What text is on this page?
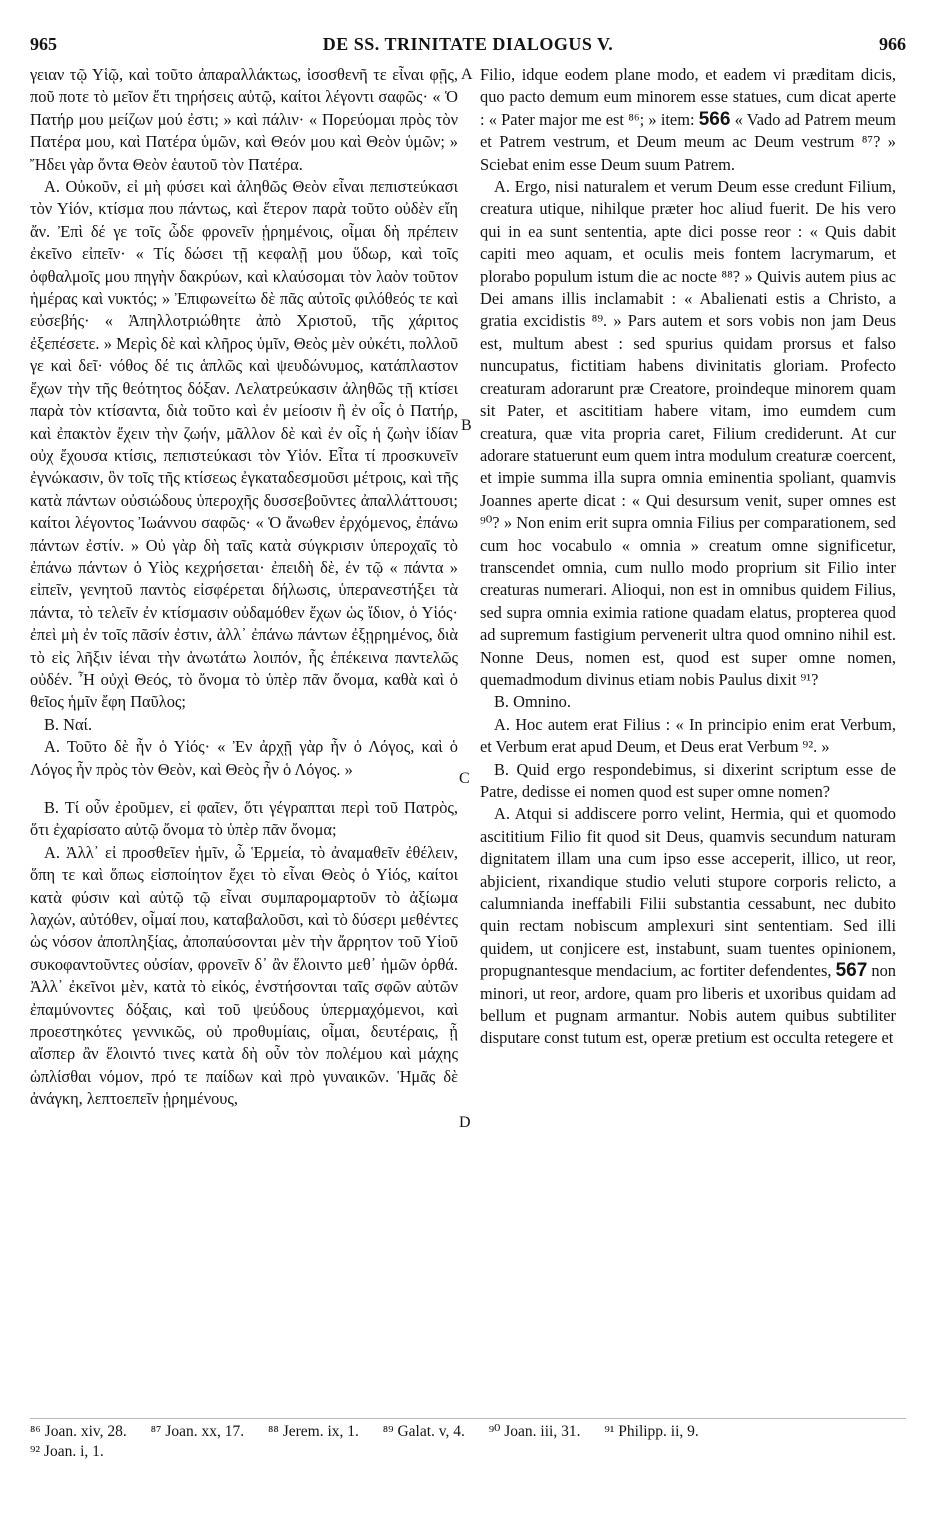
965	DE SS. TRINITATE DIALOGUS V.	966

γειαν τῷ Υἱῷ, καὶ τοῦτο ἀπαραλλάκτως, ἰσοσθενῆ τε εἶναι φῇς, ποῦ ποτε τὸ μεῖον ἔτι τηρήσεις αὐτῷ, καίτοι λέγοντι σαφῶς· « Ὁ Πατήρ μου μείζων μού ἐστι; » καὶ πάλιν· « Πορεύομαι πρὸς τὸν Πατέρα μου, καὶ Πατέρα ὑμῶν, καὶ Θεόν μου καὶ Θεὸν ὑμῶν; » Ἤδει γὰρ ὄντα Θεὸν ἑαυτοῦ τὸν Πατέρα.

Α. Οὐκοῦν, εἰ μὴ φύσει καὶ ἀληθῶς Θεὸν εἶναι πεπιστεύκασι τὸν Υἱόν, κτίσμα που πάντως, καὶ ἕτερον παρὰ τοῦτο οὐδὲν εἴη ἄν. Ἐπὶ δέ γε τοῖς ὧδε φρονεῖν ᾑρημένοις, οἶμαι δὴ πρέπειν ἐκεῖνο εἰπεῖν· « Τίς δώσει τῇ κεφαλῇ μου ὕδωρ, καὶ τοῖς ὀφθαλμοῖς μου πηγὴν δακρύων, καὶ κλαύσομαι τὸν λαὸν τοῦτον ἡμέρας καὶ νυκτός; » Ἐπιφωνείτω δὲ πᾶς αὐτοῖς φιλόθεός τε καὶ εὐσεβής· « Ἀπηλλοτριώθητε ἀπὸ Χριστοῦ, τῆς χάριτος ἐξεπέσετε. » Μερὶς δὲ καὶ κλῆρος ὑμῖν, Θεὸς μὲν οὐκέτι, πολλοῦ γε καὶ δεῖ· νόθος δέ τις ἁπλῶς καὶ ψευδώνυμος, κατάπλαστον ἔχων τὴν τῆς θεότητος δόξαν. Λελατρεύκασιν ἀληθῶς τῇ κτίσει παρὰ τὸν κτίσαντα, διὰ τοῦτο καὶ ἐν μείοσιν ἢ ἐν οἷς ὁ Πατήρ, καὶ ἐπακτὸν ἔχειν τὴν ζωήν, μᾶλλον δὲ καὶ ἐν οἷς ἡ ζωὴν ἰδίαν οὐχ ἔχουσα κτίσις, πεπιστεύκασι τὸν Υἱόν. Εἶτα τί προσκυνεῖν ἐγνώκασιν, ὃν τοῖς τῆς κτίσεως ἐγκαταδεσμοῦσι μέτροις, καὶ τῆς κατὰ πάντων οὐσιώδους ὑπεροχῆς δυσσεβοῦντες ἀπαλλάττουσι; καίτοι λέγοντος Ἰωάννου σαφῶς· « Ὁ ἄνωθεν ἐρχόμενος, ἐπάνω πάντων ἐστίν. » Οὐ γὰρ δὴ ταῖς κατὰ σύγκρισιν ὑπεροχαῖς τὸ ἐπάνω πάντων ὁ Υἱὸς κεχρήσεται· ἐπειδὴ δὲ, ἐν τῷ « πάντα » εἰπεῖν, γενητοῦ παντὸς εἰσφέρεται δήλωσις, ὑπερανεστήξει τὰ πάντα, τὸ τελεῖν ἐν κτίσμασιν οὐδαμόθεν ἔχων ὡς ἴδιον, ὁ Υἱός· ἐπεὶ μὴ ἐν τοῖς πᾶσίν ἐστιν, ἀλλ᾽ ἐπάνω πάντων ἐξῃρημένος, διὰ τὸ εἰς λῆξιν ἰέναι τὴν ἀνωτάτω λοιπόν, ἧς ἐπέκεινα παντελῶς οὐδέν. Ἦ οὐχὶ Θεός, τὸ ὄνομα τὸ ὑπὲρ πᾶν ὄνομα, καθὰ καὶ ὁ θεῖος ἡμῖν ἔφη Παῦλος;

Β. Ναί.

Α. Τοῦτο δὲ ἦν ὁ Υἱός· « Ἐν ἀρχῇ γὰρ ἦν ὁ Λόγος, καὶ ὁ Λόγος ἦν πρὸς τὸν Θεὸν, καὶ Θεὸς ἦν ὁ Λόγος. »

Β. Τί οὖν ἐροῦμεν, εἰ φαῖεν, ὅτι γέγραπται περὶ τοῦ Πατρὸς, ὅτι ἐχαρίσατο αὐτῷ ὄνομα τὸ ὑπὲρ πᾶν ὄνομα;

Α. Ἀλλ᾽ εἰ προσθεῖεν ἡμῖν, ὦ Ἑρμεία, τὸ ἀναμαθεῖν ἐθέλειν, ὅπη τε καὶ ὅπως εἰσποίητον ἔχει τὸ εἶναι Θεὸς ὁ Υἱός, καίτοι κατὰ φύσιν καὶ αὐτῷ τῷ εἶναι συμπαρομαρτοῦν τὸ ἀξίωμα λαχών, αὐτόθεν, οἶμαί που, καταβαλοῦσι, καὶ τὸ δύσερι μεθέντες ὡς νόσον ἀποπληξίας, ἀποπαύσονται μὲν τὴν ἄρρητον τοῦ Υἱοῦ συκοφαντοῦντες οὐσίαν, φρονεῖν δ᾽ ἂν ἕλοιντο μεθ᾽ ἡμῶν ὀρθά. Ἀλλ᾽ ἐκεῖνοι μὲν, κατὰ τὸ εἰκός, ἐνστήσονται ταῖς σφῶν αὐτῶν ἐπαμύνοντες δόξαις, καὶ τοῦ ψεύδους ὑπερμαχόμενοι, καὶ προεστηκότες γεννικῶς, οὐ προθυμίαις, οἶμαι, δευτέραις, ᾗ αἴσπερ ἂν ἕλοιντό τινες κατὰ δὴ οὖν τὸν πολέμου καὶ μάχης ὡπλίσθαι νόμον, πρό τε παίδων καὶ πρὸ γυναικῶν. Ἡμᾶς δὲ ἀνάγκη, λεπτοεπεῖν ᾑρημένους,

A
B
C
D

Filio, idque eodem plane modo, et eadem vi præditam dicis, quo pacto demum eum minorem esse statues, cum dicat aperte : « Pater major me est ⁸⁶; » item: 566 « Vado ad Patrem meum et Patrem vestrum, et Deum meum ac Deum vestrum ⁸⁷? » Sciebat enim esse Deum suum Patrem.

A. Ergo, nisi naturalem et verum Deum esse credunt Filium, creatura utique, nihilque præter hoc aliud fuerit. De his vero qui in ea sunt sententia, apte dici posse reor : « Quis dabit capiti meo aquam, et oculis meis fontem lacrymarum, et plorabo populum istum die ac nocte ⁸⁸? » Quivis autem pius ac Dei amans illis inclamabit : « Abalienati estis a Christo, a gratia excidistis ⁸⁹. » Pars autem et sors vobis non jam Deus est, multum abest : sed spurius quidam prorsus et falso nuncupatus, fictitiam habens divinitatis gloriam. Profecto creaturam adorarunt præ Creatore, proindeque minorem quam sit Pater, et ascititiam habere vitam, imo eumdem cum creatura, quæ vita propria caret, Filium crediderunt. At cur adorare statuerunt eum quem intra modulum creaturæ coercent, et impie summa illa supra omnia eminentia spoliant, quamvis Joannes aperte dicat : « Qui desursum venit, super omnes est ⁹⁰? » Non enim erit supra omnia Filius per comparationem, sed cum hoc vocabulo « omnia » creatum omne significetur, transcendet omnia, cum nullo modo proprium sit Filio inter creaturas numerari. Alioqui, non est in omnibus quidem Filius, sed supra omnia eximia ratione quadam elatus, propterea quod ad supremum fastigium pervenerit ultra quod omnino nihil est. Nonne Deus, nomen est, quod est super omne nomen, quemadmodum divinus etiam nobis Paulus dixit ⁹¹?

B. Omnino.

A. Hoc autem erat Filius : « In principio enim erat Verbum, et Verbum erat apud Deum, et Deus erat Verbum ⁹². »

B. Quid ergo respondebimus, si dixerint scriptum esse de Patre, dedisse ei nomen quod est super omne nomen?

A. Atqui si addiscere porro velint, Hermia, qui et quomodo ascititium Filio fit quod sit Deus, quamvis secundum naturam dignitatem illam una cum ipso esse acceperit, illico, ut reor, abjicient, rixandique studio veluti stupore corporis relicto, a calumnianda ineffabili Filii substantia cessabunt, nec dubito quin rectam nobiscum amplexuri sint sententiam. Sed illi quidem, ut conjicere est, instabunt, suam tuentes opinionem, propugnantesque mendacium, ac fortiter defendentes, 567 non minori, ut reor, ardore, quam pro liberis et uxoribus quidam ad bellum et pugnam armantur. Nobis autem quibus subtiliter disputare const tutum est, operæ pretium est occulta retegere et

⁸⁶ Joan. xiv, 28. ⁸⁷ Joan. xx, 17. ⁸⁸ Jerem. ix, 1. ⁸⁹ Galat. v, 4. ⁹⁰ Joan. iii, 31. ⁹¹ Philipp. ii, 9.
⁹² Joan. i, 1.
